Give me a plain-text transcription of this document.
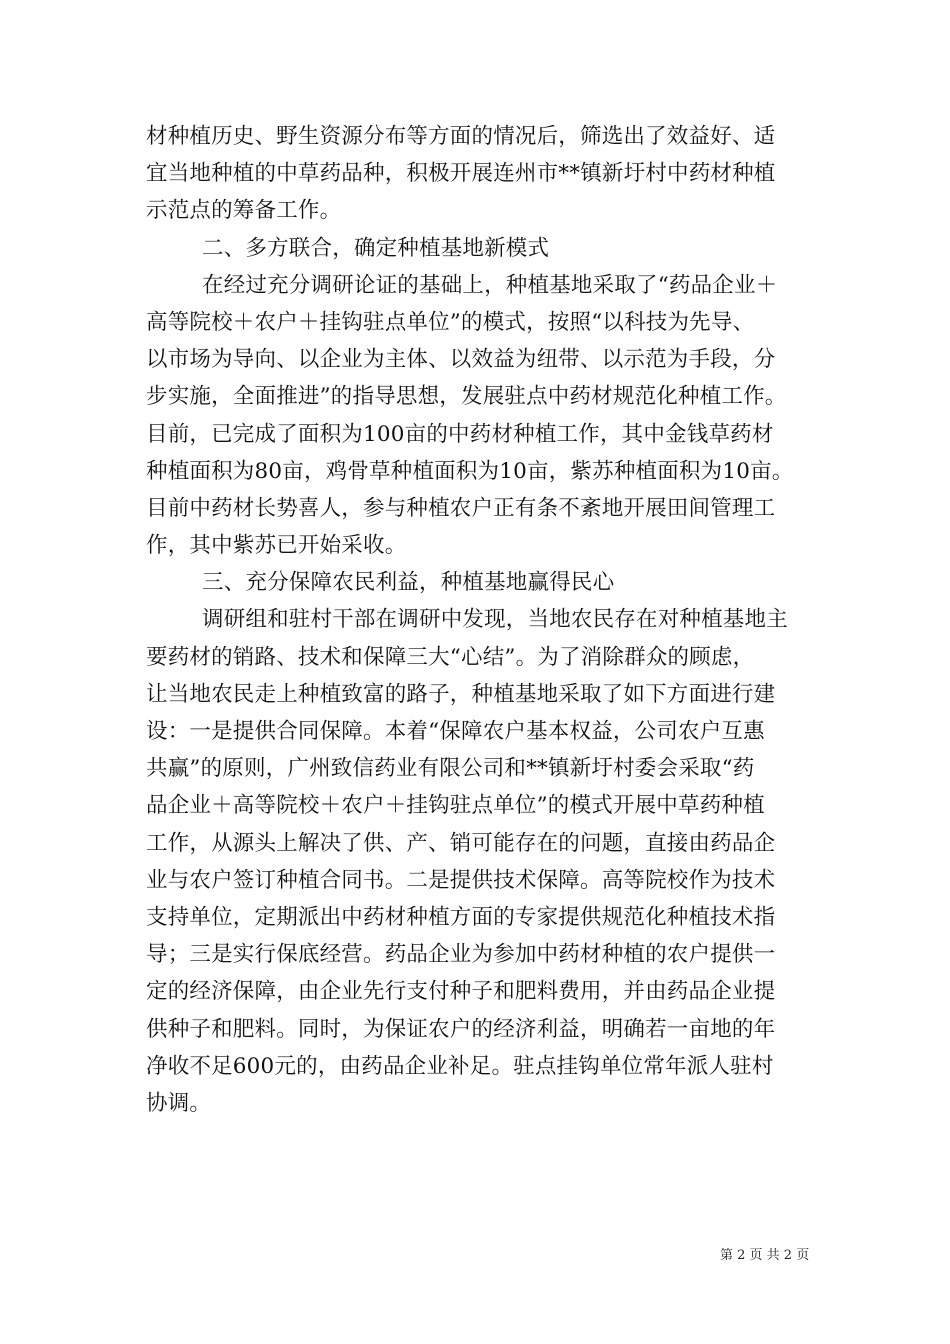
材种植历史、野生资源分布等方面的情况后，筛选出了效益好、适
宜当地种植的中草药品种，积极开展连州市**镇新圩村中药材种植
示范点的筹备工作。
二、多方联合，确定种植基地新模式
在经过充分调研论证的基础上，种植基地采取了“药品企业＋
高等院校＋农户＋挂钩驻点单位”的模式，按照“以科技为先导、
以市场为导向、以企业为主体、以效益为纽带、以示范为手段，分
步实施，全面推进”的指导思想，发展驻点中药材规范化种植工作。
目前，已完成了面积为100亩的中药材种植工作，其中金钱草药材
种植面积为80亩，鸡骨草种植面积为10亩，紫苏种植面积为10亩。
目前中药材长势喜人，参与种植农户正有条不紊地开展田间管理工
作，其中紫苏已开始采收。
三、充分保障农民利益，种植基地赢得民心
调研组和驻村干部在调研中发现，当地农民存在对种植基地主
要药材的销路、技术和保障三大“心结”。为了消除群众的顾虑，
让当地农民走上种植致富的路子，种植基地采取了如下方面进行建
设：一是提供合同保障。本着“保障农户基本权益，公司农户互惠
共赢”的原则，广州致信药业有限公司和**镇新圩村委会采取“药
品企业＋高等院校＋农户＋挂钩驻点单位”的模式开展中草药种植
工作，从源头上解决了供、产、销可能存在的问题，直接由药品企
业与农户签订种植合同书。二是提供技术保障。高等院校作为技术
支持单位，定期派出中药材种植方面的专家提供规范化种植技术指
导；三是实行保底经营。药品企业为参加中药材种植的农户提供一
定的经济保障，由企业先行支付种子和肥料费用，并由药品企业提
供种子和肥料。同时，为保证农户的经济利益，明确若一亩地的年
净收不足600元的，由药品企业补足。驻点挂钩单位常年派人驻村
协调。
第 2 页 共 2 页
